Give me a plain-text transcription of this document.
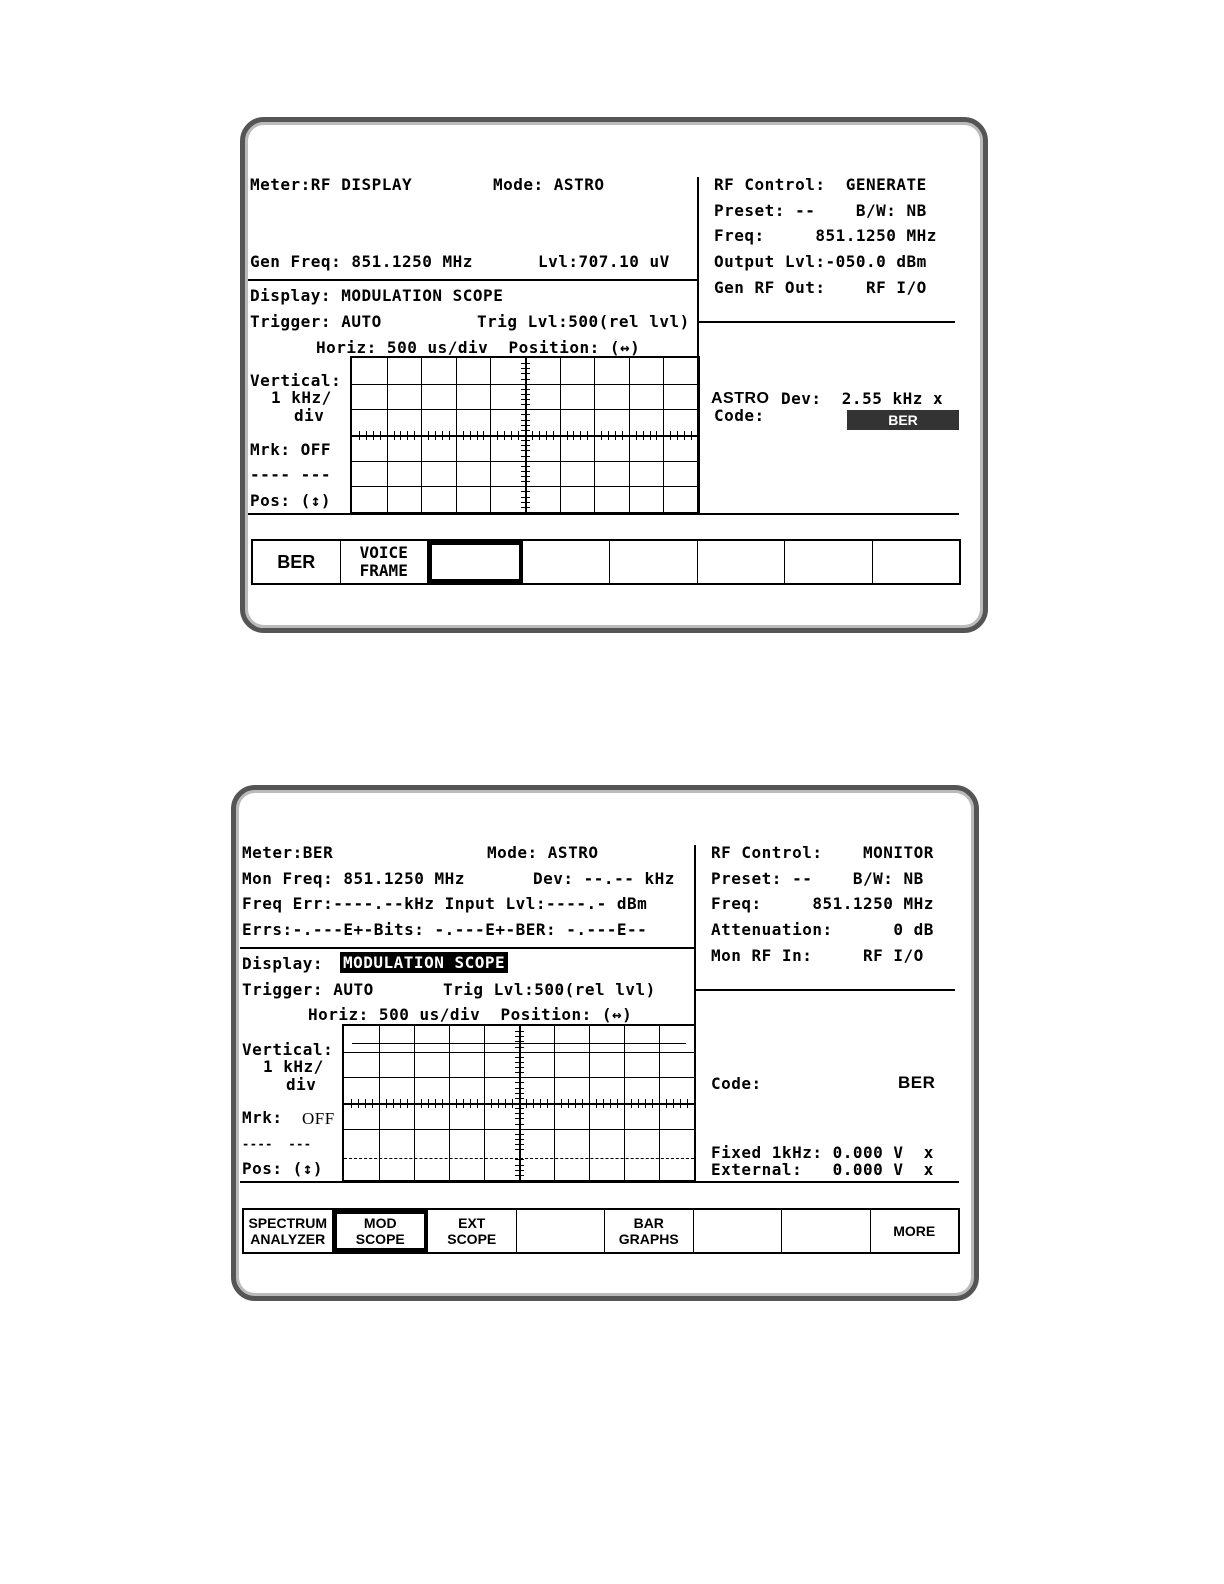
Meter:RF DISPLAY	Mode: ASTRO
Gen Freq: 851.1250 MHz	Lvl:707.10 uV
Display: MODULATION SCOPE
Trigger: AUTO	Trig Lvl:500(rel lvl)
Horiz: 500 us/div  Position: (↔)
Vertical:
1 kHz/
div
Mrk: OFF
---- ---
Pos: (↕)
RF Control:  GENERATE
Preset: --    B/W: NB
Freq:     851.1250 MHz
Output Lvl:-050.0 dBm
Gen RF Out:    RF I/O
ASTRO Dev:  2.55 kHz x
Code:	BER
BER	VOICE
FRAME
Meter:BER	Mode: ASTRO
Mon Freq: 851.1250 MHz	Dev: --.-- kHz
Freq Err:----.--kHz Input Lvl:----.- dBm
Errs:-.---E+-Bits: -.---E+-BER: -.---E--
Display: MODULATION SCOPE
Trigger: AUTO	Trig Lvl:500(rel lvl)
Horiz: 500 us/div  Position: (↔)
Vertical:
1 kHz/
div
Mrk: OFF
----  ---
Pos: (↕)
RF Control:    MONITOR
Preset: --    B/W: NB
Freq:     851.1250 MHz
Attenuation:      0 dB
Mon RF In:     RF I/O
Code:	BER
Fixed 1kHz: 0.000 V  x
External:   0.000 V  x
SPECTRUM
ANALYZER
MOD
SCOPE
EXT
SCOPE
BAR
GRAPHS
MORE
